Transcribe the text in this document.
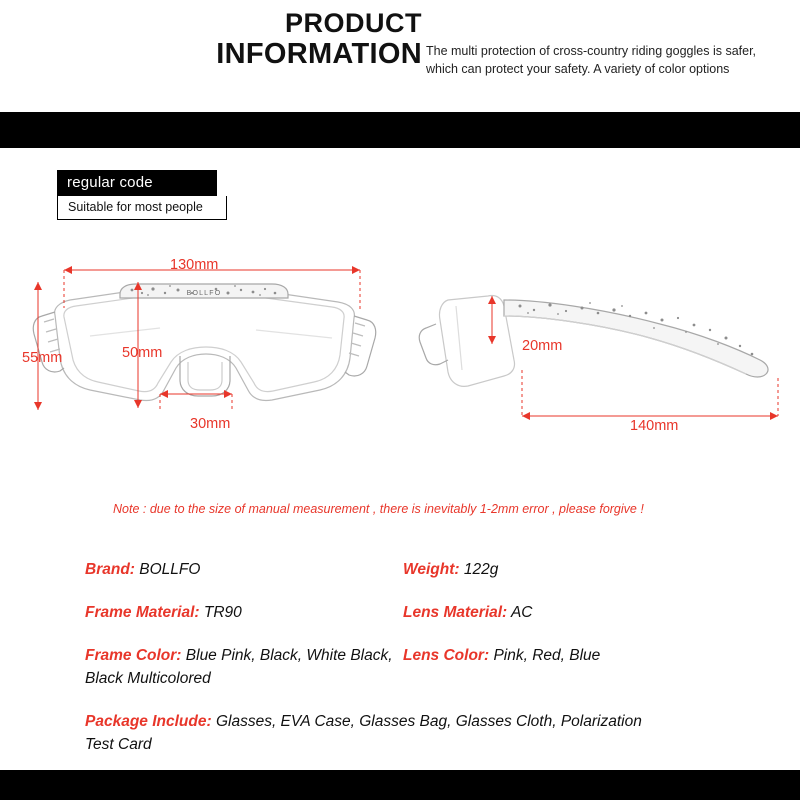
PRODUCT
INFORMATION The multi protection of cross-country riding goggles is safer, which can protect your safety. A variety of color options
regular code
Suitable for most people
BOLLFO
130mm
55mm	50mm
30mm
20mm
140mm
Note : due to the size of manual measurement , there is inevitably 1-2mm error , please forgive !
Brand: BOLLFO	Weight: 122g
Frame Material: TR90	Lens Material: AC
Frame Color: Blue Pink, Black, White Black, Black Multicolored
Lens Color: Pink, Red, Blue
Package Include: Glasses, EVA Case, Glasses Bag, Glasses Cloth, Polarization Test Card
